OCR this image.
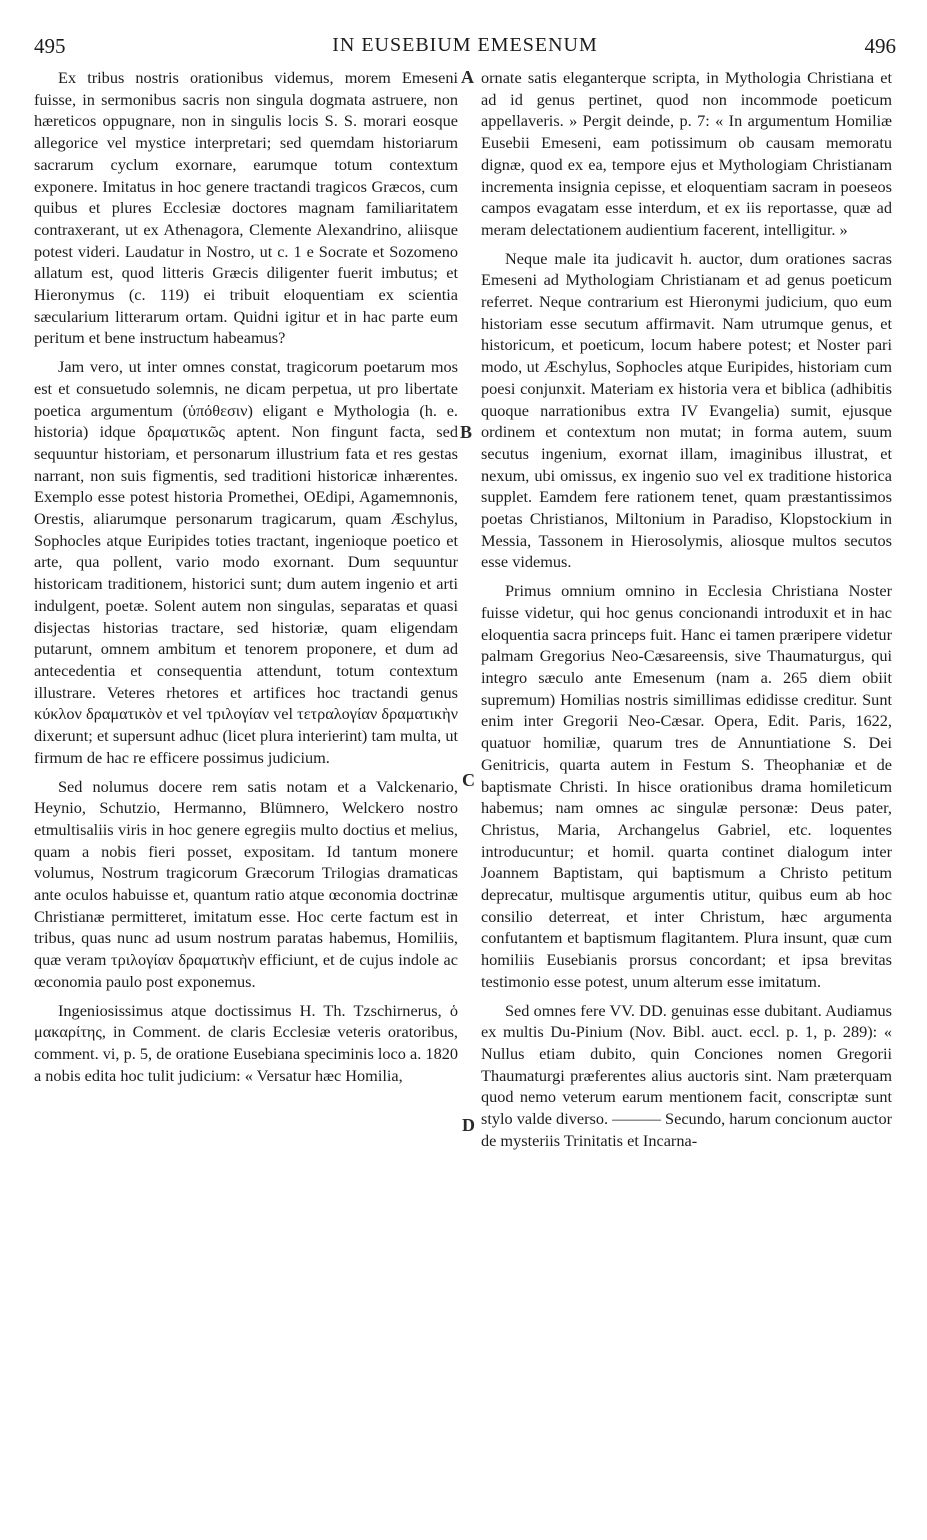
495	IN EUSEBIUM EMESENUM	496

Ex tribus nostris orationibus videmus, morem Emeseni fuisse, in sermonibus sacris non singula dogmata astruere, non hæreticos oppugnare, non in singulis locis S. S. morari eosque allegorice vel mystice interpretari; sed quemdam historiarum sacrarum cyclum exornare, earumque totum contextum exponere. Imitatus in hoc genere tractandi tragicos Græcos, cum quibus et plures Ecclesiæ doctores magnam familiaritatem contraxerant, ut ex Athenagora, Clemente Alexandrino, aliisque potest videri. Laudatur in Nostro, ut c. 1 e Socrate et Sozomeno allatum est, quod litteris Græcis diligenter fuerit imbutus; et Hieronymus (c. 119) ei tribuit eloquentiam ex scientia sæcularium litterarum ortam. Quidni igitur et in hac parte eum peritum et bene instructum habeamus?

Jam vero, ut inter omnes constat, tragicorum poetarum mos est et consuetudo solemnis, ne dicam perpetua, ut pro libertate poetica argumentum (ὑπόθεσιν) eligant e Mythologia (h. e. historia) idque δραματικῶς aptent. Non fingunt facta, sed sequuntur historiam, et personarum illustrium fata et res gestas narrant, non suis figmentis, sed traditioni historicæ inhærentes. Exemplo esse potest historia Promethei, OEdipi, Agamemnonis, Orestis, aliarumque personarum tragicarum, quam Æschylus, Sophocles atque Euripides toties tractant, ingenioque poetico et arte, qua pollent, vario modo exornant. Dum sequuntur historicam traditionem, historici sunt; dum autem ingenio et arti indulgent, poetæ. Solent autem non singulas, separatas et quasi disjectas historias tractare, sed historiæ, quam eligendam putarunt, omnem ambitum et tenorem proponere, et dum ad antecedentia et consequentia attendunt, totum contextum illustrare. Veteres rhetores et artifices hoc tractandi genus κύκλον δραματικὸν et vel τριλογίαν vel τετραλογίαν δραματικὴν dixerunt; et supersunt adhuc (licet plura interierint) tam multa, ut firmum de hac re efficere possimus judicium.

Sed nolumus docere rem satis notam et a Valckenario, Heynio, Schutzio, Hermanno, Blümnero, Welckero nostro etmultisaliis viris in hoc genere egregiis multo doctius et melius, quam a nobis fieri posset, expositam. Id tantum monere volumus, Nostrum tragicorum Græcorum Trilogias dramaticas ante oculos habuisse et, quantum ratio atque œconomia doctrinæ Christianæ permitteret, imitatum esse. Hoc certe factum est in tribus, quas nunc ad usum nostrum paratas habemus, Homiliis, quæ veram τριλογίαν δραματικὴν efficiunt, et de cujus indole ac œconomia paulo post exponemus.

Ingeniosissimus atque doctissimus H. Th. Tzschirnerus, ὁ μακαρίτης, in Comment. de claris Ecclesiæ veteris oratoribus, comment. vi, p. 5, de oratione Eusebiana speciminis loco a. 1820 a nobis edita hoc tulit judicium: « Versatur hæc Homilia,

ornate satis eleganterque scripta, in Mythologia Christiana et ad id genus pertinet, quod non incommode poeticum appellaveris. » Pergit deinde, p. 7: « In argumentum Homiliæ Eusebii Emeseni, eam potissimum ob causam memoratu dignæ, quod ex ea, tempore ejus et Mythologiam Christianam incrementa insignia cepisse, et eloquentiam sacram in poeseos campos evagatam esse interdum, et ex iis reportasse, quæ ad meram delectationem audientium facerent, intelligitur. »

Neque male ita judicavit h. auctor, dum orationes sacras Emeseni ad Mythologiam Christianam et ad genus poeticum referret. Neque contrarium est Hieronymi judicium, quo eum historiam esse secutum affirmavit. Nam utrumque genus, et historicum, et poeticum, locum habere potest; et Noster pari modo, ut Æschylus, Sophocles atque Euripides, historiam cum poesi conjunxit. Materiam ex historia vera et biblica (adhibitis quoque narrationibus extra IV Evangelia) sumit, ejusque ordinem et contextum non mutat; in forma autem, suum secutus ingenium, exornat illam, imaginibus illustrat, et nexum, ubi omissus, ex ingenio suo vel ex traditione historica supplet. Eamdem fere rationem tenet, quam præstantissimos poetas Christianos, Miltonium in Paradiso, Klopstockium in Messia, Tassonem in Hierosolymis, aliosque multos secutos esse videmus.

Primus omnium omnino in Ecclesia Christiana Noster fuisse videtur, qui hoc genus concionandi introduxit et in hac eloquentia sacra princeps fuit. Hanc ei tamen præripere videtur palmam Gregorius Neo-Cæsareensis, sive Thaumaturgus, qui integro sæculo ante Emesenum (nam a. 265 diem obiit supremum) Homilias nostris simillimas edidisse creditur. Sunt enim inter Gregorii Neo-Cæsar. Opera, Edit. Paris, 1622, quatuor homiliæ, quarum tres de Annuntiatione S. Dei Genitricis, quarta autem in Festum S. Theophaniæ et de baptismate Christi. In hisce orationibus drama homileticum habemus; nam omnes ac singulæ personæ: Deus pater, Christus, Maria, Archangelus Gabriel, etc. loquentes introducuntur; et homil. quarta continet dialogum inter Joannem Baptistam, qui baptismum a Christo petitum deprecatur, multisque argumentis utitur, quibus eum ab hoc consilio deterreat, et inter Christum, hæc argumenta confutantem et baptismum flagitantem. Plura insunt, quæ cum homiliis Eusebianis prorsus concordant; et ipsa brevitas testimonio esse potest, unum alterum esse imitatum.

Sed omnes fere VV. DD. genuinas esse dubitant. Audiamus ex multis Du-Pinium (Nov. Bibl. auct. eccl. p. 1, p. 289): « Nullus etiam dubito, quin Conciones nomen Gregorii Thaumaturgi præferentes alius auctoris sint. Nam præterquam quod nemo veterum earum mentionem facit, conscriptæ sunt stylo valde diverso. ——— Secundo, harum concionum auctor de mysteriis Trinitatis et Incarna-

A
B
C
D
